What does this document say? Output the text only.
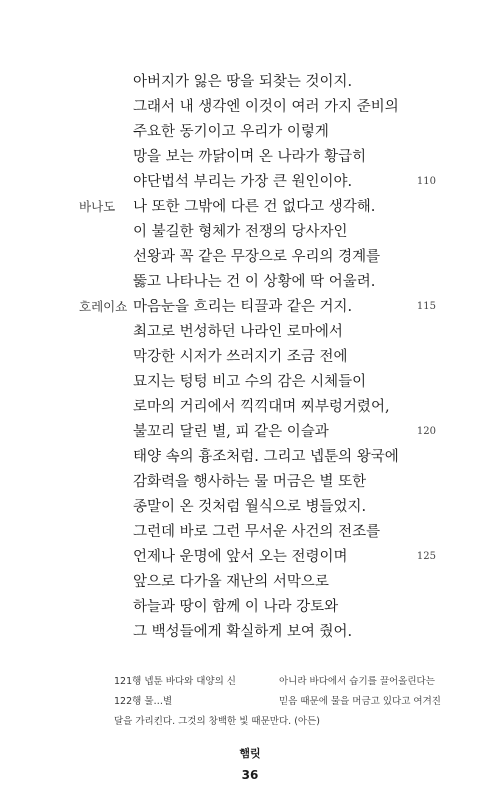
아버지가 잃은 땅을 되찾는 것이지.
그래서 내 생각엔 이것이 여러 가지 준비의
주요한 동기이고 우리가 이렇게
망을 보는 까닭이며 온 나라가 황급히
야단법석 부리는 가장 큰 원인이야.
나 또한 그밖에 다른 건 없다고 생각해.
이 불길한 형체가 전쟁의 당사자인
선왕과 꼭 같은 무장으로 우리의 경계를
뚫고 나타나는 건 이 상황에 딱 어울려.
마음눈을 흐리는 티끌과 같은 거지.
최고로 번성하던 나라인 로마에서
막강한 시저가 쓰러지기 조금 전에
묘지는 텅텅 비고 수의 감은 시체들이
로마의 거리에서 끽끽대며 찌부렁거렸어,
불꼬리 달린 별, 피 같은 이슬과
태양 속의 흉조처럼. 그리고 넵툰의 왕국에
감화력을 행사하는 물 머금은 별 또한
종말이 온 것처럼 월식으로 병들었지.
그런데 바로 그런 무서운 사건의 전조를
언제나 운명에 앞서 오는 전령이며
앞으로 다가올 재난의 서막으로
하늘과 땅이 함께 이 나라 강토와
그 백성들에게 확실하게 보여 줬어.
바나도
호레이쇼
110
115
120
125
121행 넵툰 바다와 대양의 신
122행 물…별
달을 가리킨다. 그것의 창백한 빛 때문만
아니라 바다에서 습기를 끌어올린다는
믿음 때문에 물을 머금고 있다고 여겨진
다. (아든)
햄릿
36
